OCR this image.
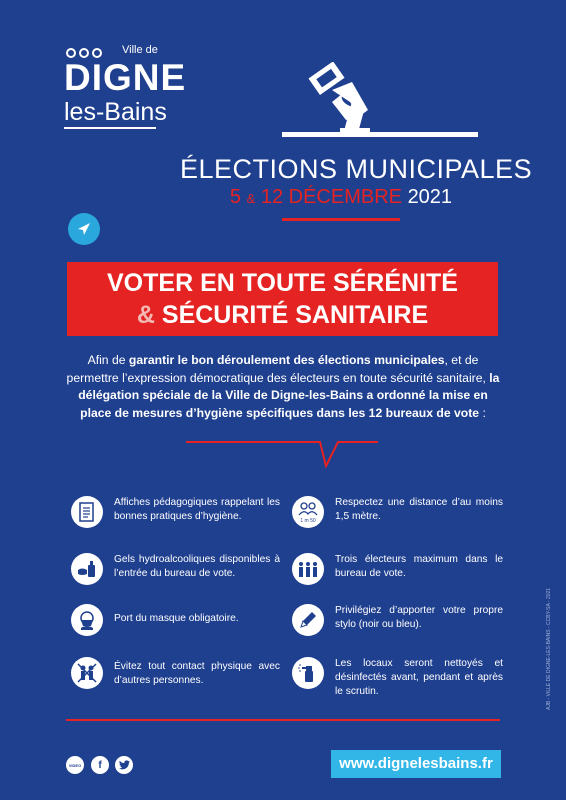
Ville de
DIGNE
les-Bains
ÉLECTIONS MUNICIPALES
5 & 12 DÉCEMBRE 2021
VOTER EN TOUTE SÉRÉNITÉ
& SÉCURITÉ SANITAIRE
Afin de garantir le bon déroulement des élections municipales, et de permettre l’expression démocratique des électeurs en toute sécurité sanitaire, la délégation spéciale de la Ville de Digne-les-Bains a ordonné la mise en place de mesures d’hygiène spécifiques dans les 12 bureaux de vote :
Affiches pédagogiques rappelant les bonnes pratiques d’hygiène.
Gels hydroalcooliques disponibles à l’entrée du bureau de vote.
Port du masque obligatoire.
Évitez tout contact physique avec d’autres personnes.
1 m 50
Respectez une distance d’au moins 1,5 mètre.
Trois électeurs maximum dans le bureau de vote.
Privilégiez d’apporter votre propre stylo (noir ou bleu).
Les locaux seront nettoyés et désinfectés avant, pendant et après le scrutin.
VIDEO	f	www.dignelesbains.fr
AJB - VILLE DE DIGNE-LES-BAINS - CCBY-SA - 2021
